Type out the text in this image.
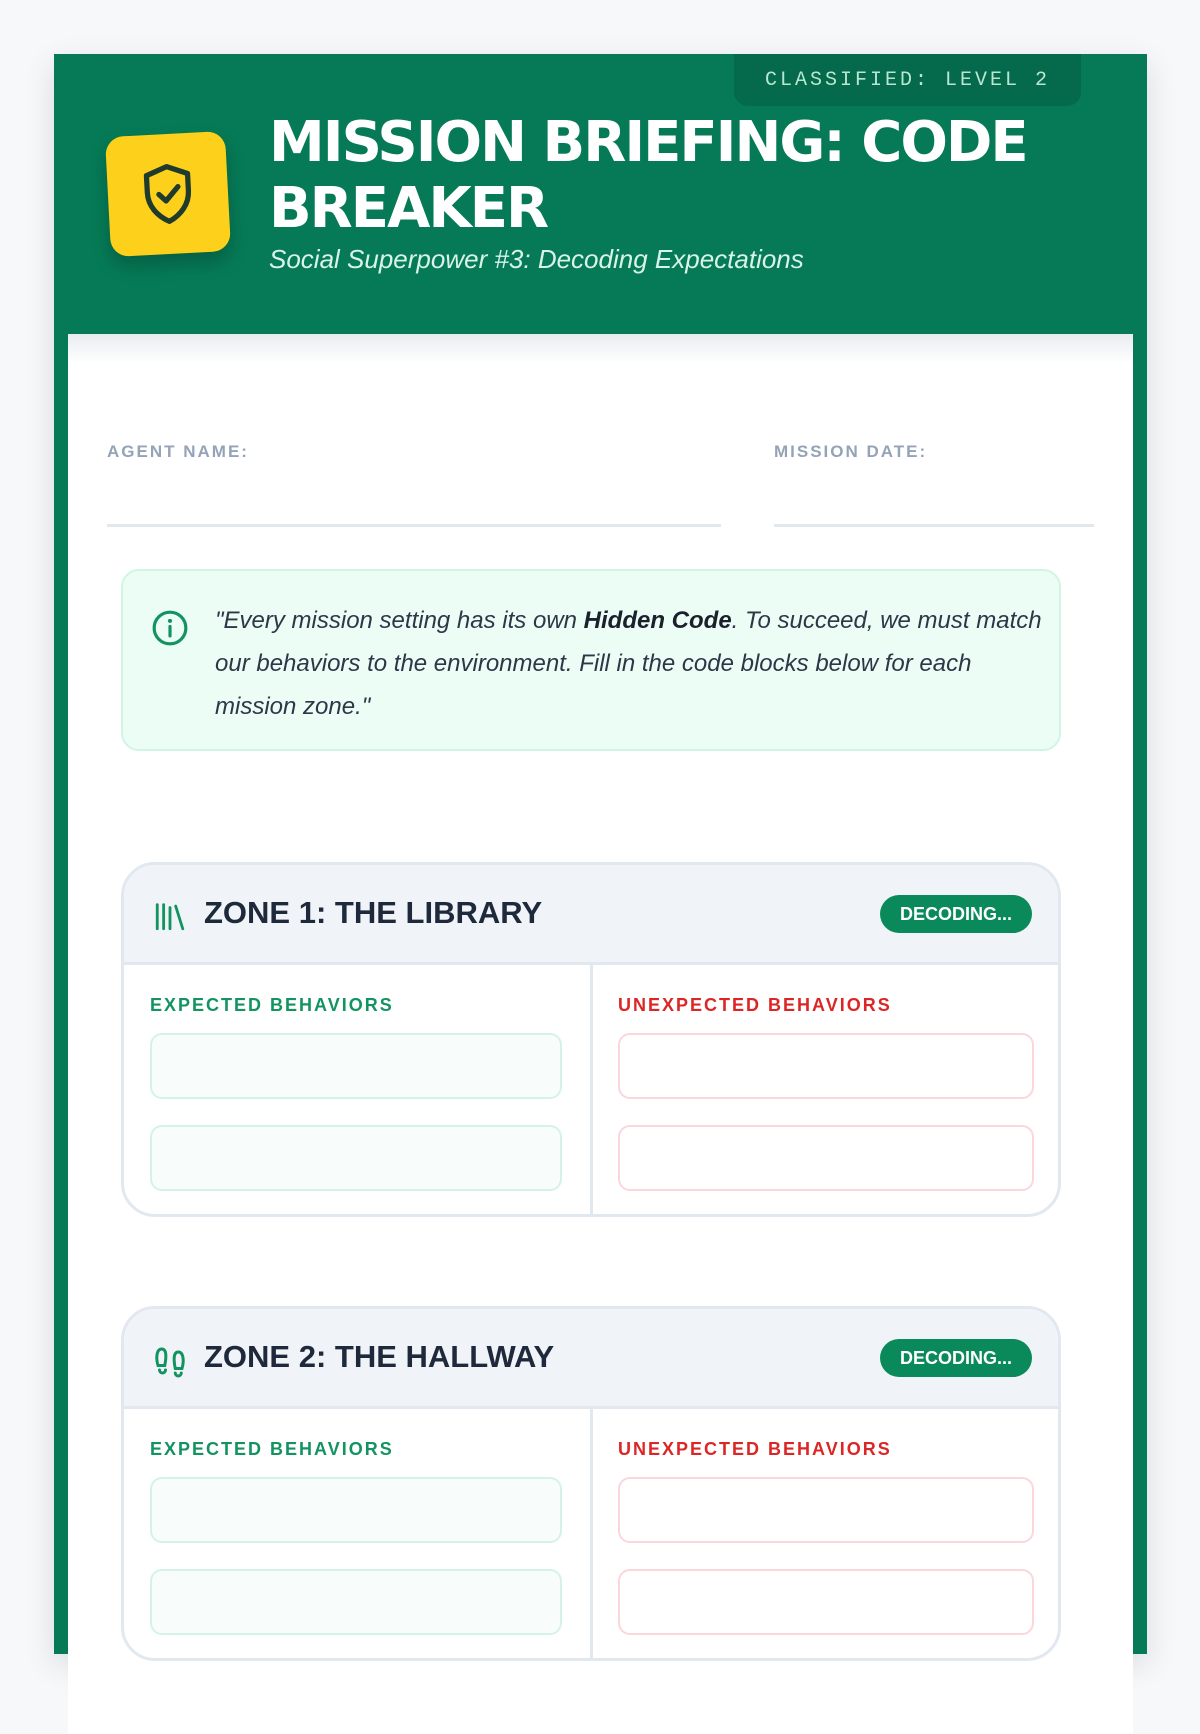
CLASSIFIED: LEVEL 2
MISSION BRIEFING: CODE BREAKER
Social Superpower #3: Decoding Expectations
AGENT NAME:	MISSION DATE:
"Every mission setting has its own Hidden Code. To succeed, we must match our behaviors to the environment. Fill in the code blocks below for each mission zone."
ZONE 1: THE LIBRARY	DECODING...
EXPECTED BEHAVIORS	UNEXPECTED BEHAVIORS
ZONE 2: THE HALLWAY	DECODING...
EXPECTED BEHAVIORS	UNEXPECTED BEHAVIORS
